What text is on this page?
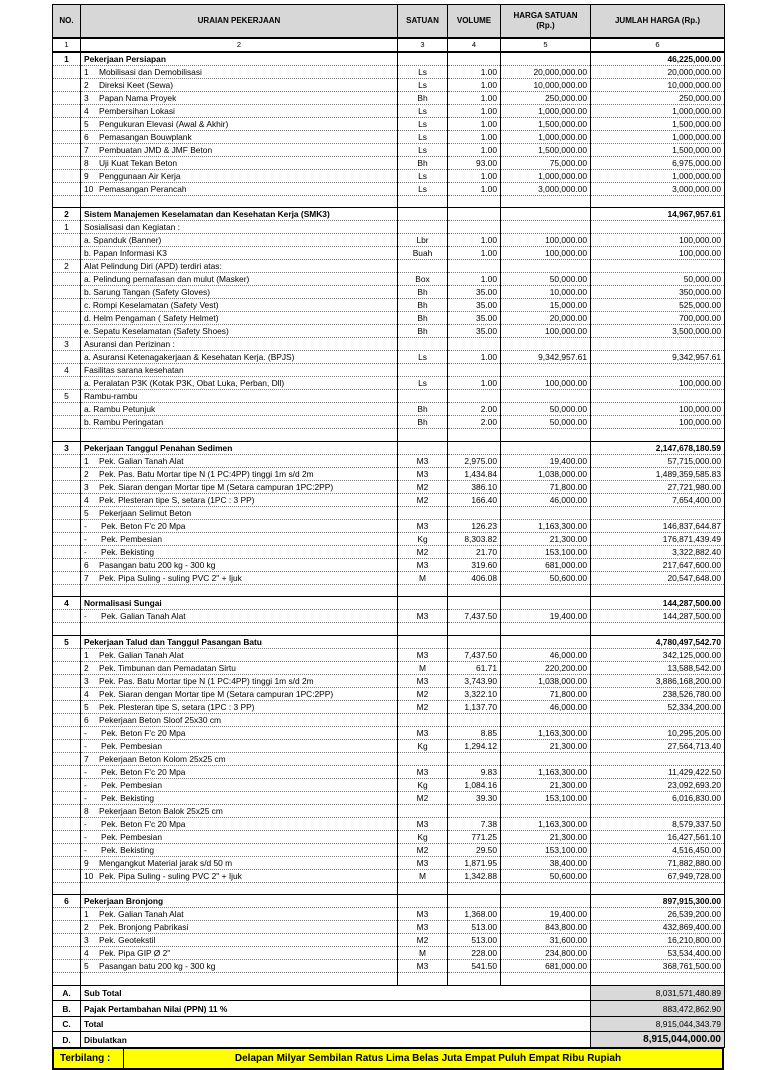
NO.	URAIAN PEKERJAAN	SATUAN	VOLUME	HARGA SATUAN (Rp.)	JUMLAH HARGA (Rp.)
1	2	3	4	5	6
1	Pekerjaan Persiapan				46,225,000.00
	1 Mobilisasi dan Demobilisasi	Ls	1.00	20,000,000.00	20,000,000.00
	2 Direksi Keet (Sewa)	Ls	1.00	10,000,000.00	10,000,000.00
	3 Papan Nama Proyek	Bh	1.00	250,000.00	250,000.00
	4 Pembersihan Lokasi	Ls	1.00	1,000,000.00	1,000,000.00
	5 Pengukuran Elevasi (Awal & Akhir)	Ls	1.00	1,500,000.00	1,500,000.00
	6 Pemasangan Bouwplank	Ls	1.00	1,000,000.00	1,000,000.00
	7 Pembuatan JMD & JMF Beton	Ls	1.00	1,500,000.00	1,500,000.00
	8 Uji Kuat Tekan Beton	Bh	93.00	75,000.00	6,975,000.00
	9 Penggunaan Air Kerja	Ls	1.00	1,000,000.00	1,000,000.00
	10 Pemasangan Perancah	Ls	1.00	3,000,000.00	3,000,000.00

2	Sistem Manajemen Keselamatan dan Kesehatan Kerja (SMK3)				14,967,957.61
1	Sosialisasi dan Kegiatan :				
	a. Spanduk (Banner)	Lbr	1.00	100,000.00	100,000.00
	b. Papan Informasi K3	Buah	1.00	100,000.00	100,000.00
2	Alat Pelindung Diri (APD) terdiri atas:				
	a. Pelindung pernafasan dan mulut (Masker)	Box	1.00	50,000.00	50,000.00
	b. Sarung Tangan (Safety Gloves)	Bh	35.00	10,000.00	350,000.00
	c. Rompi Keselamatan (Safety Vest)	Bh	35.00	15,000.00	525,000.00
	d. Helm Pengaman ( Safety Helmet)	Bh	35.00	20,000.00	700,000.00
	e. Sepatu Keselamatan (Safety Shoes)	Bh	35.00	100,000.00	3,500,000.00
3	Asuransi dan Perizinan :				
	a. Asuransi Ketenagakerjaan & Kesehatan Kerja. (BPJS)	Ls	1.00	9,342,957.61	9,342,957.61
4	Fasilitas sarana kesehatan				
	a. Peralatan P3K (Kotak P3K, Obat Luka, Perban, Dll)	Ls	1.00	100,000.00	100,000.00
5	Rambu-rambu				
	a. Rambu Petunjuk	Bh	2.00	50,000.00	100,000.00
	b. Rambu Peringatan	Bh	2.00	50,000.00	100,000.00

3	Pekerjaan Tanggul Penahan Sedimen				2,147,678,180.59
	1 Pek. Galian Tanah Alat	M3	2,975.00	19,400.00	57,715,000.00
	2 Pek. Pas. Batu Mortar tipe N (1 PC:4PP) tinggi 1m s/d 2m	M3	1,434.84	1,038,000.00	1,489,359,585.83
	3 Pek. Siaran dengan Mortar tipe M (Setara campuran 1PC:2PP)	M2	386.10	71,800.00	27,721,980.00
	4 Pek. Plesteran tipe S, setara (1PC : 3 PP)	M2	166.40	46,000.00	7,654,400.00
	5 Pekerjaan Selimut Beton				
	- Pek. Beton F'c 20 Mpa	M3	126.23	1,163,300.00	146,837,644.87
	- Pek. Pembesian	Kg	8,303.82	21,300.00	176,871,439.49
	- Pek. Bekisting	M2	21.70	153,100.00	3,322,882.40
	6 Pasangan batu 200 kg - 300 kg	M3	319.60	681,000.00	217,647,600.00
	7 Pek. Pipa Suling - suling PVC 2" + Ijuk	M	406.08	50,600.00	20,547,648.00

4	Normalisasi Sungai				144,287,500.00
	- Pek. Galian Tanah Alat	M3	7,437.50	19,400.00	144,287,500.00

5	Pekerjaan Talud dan Tanggul Pasangan Batu				4,780,497,542.70
	1 Pek. Galian Tanah Alat	M3	7,437.50	46,000.00	342,125,000.00
	2 Pek. Timbunan dan Pemadatan Sirtu	M	61.71	220,200.00	13,588,542.00
	3 Pek. Pas. Batu Mortar tipe N (1 PC:4PP) tinggi 1m s/d 2m	M3	3,743.90	1,038,000.00	3,886,168,200.00
	4 Pek. Siaran dengan Mortar tipe M (Setara campuran 1PC:2PP)	M2	3,322.10	71,800.00	238,526,780.00
	5 Pek. Plesteran tipe S, setara (1PC : 3 PP)	M2	1,137.70	46,000.00	52,334,200.00
	6 Pekerjaan Beton Sloof 25x30 cm				
	- Pek. Beton F'c 20 Mpa	M3	8.85	1,163,300.00	10,295,205.00
	- Pek. Pembesian	Kg	1,294.12	21,300.00	27,564,713.40
	7 Pekerjaan Beton Kolom 25x25 cm				
	- Pek. Beton F'c 20 Mpa	M3	9.83	1,163,300.00	11,429,422.50
	- Pek. Pembesian	Kg	1,084.16	21,300.00	23,092,693.20
	- Pek. Bekisting	M2	39.30	153,100.00	6,016,830.00
	8 Pekerjaan Beton Balok 25x25 cm				
	- Pek. Beton F'c 20 Mpa	M3	7.38	1,163,300.00	8,579,337.50
	- Pek. Pembesian	Kg	771.25	21,300.00	16,427,561.10
	- Pek. Bekisting	M2	29.50	153,100.00	4,516,450.00
	9 Mengangkut Material jarak s/d 50 m	M3	1,871.95	38,400.00	71,882,880.00
	10 Pek. Pipa Suling - suling PVC 2" + Ijuk	M	1,342.88	50,600.00	67,949,728.00

6	Pekerjaan Bronjong				897,915,300.00
	1 Pek. Galian Tanah Alat	M3	1,368.00	19,400.00	26,539,200.00
	2 Pek. Bronjong Pabrikasi	M3	513.00	843,800.00	432,869,400.00
	3 Pek. Geotekstil	M2	513.00	31,600.00	16,210,800.00
	4 Pek. Pipa GIP Ø 2"	M	228.00	234,800.00	53,534,400.00
	5 Pasangan batu 200 kg - 300 kg	M3	541.50	681,000.00	368,761,500.00

A.	Sub Total				8,031,571,480.89
B.	Pajak Pertambahan Nilai (PPN) 11 %				883,472,862.90
C.	Total				8,915,044,343.79
D.	Dibulatkan				8,915,044,000.00
Terbilang :	Delapan Milyar Sembilan Ratus Lima Belas Juta Empat Puluh Empat Ribu Rupiah
